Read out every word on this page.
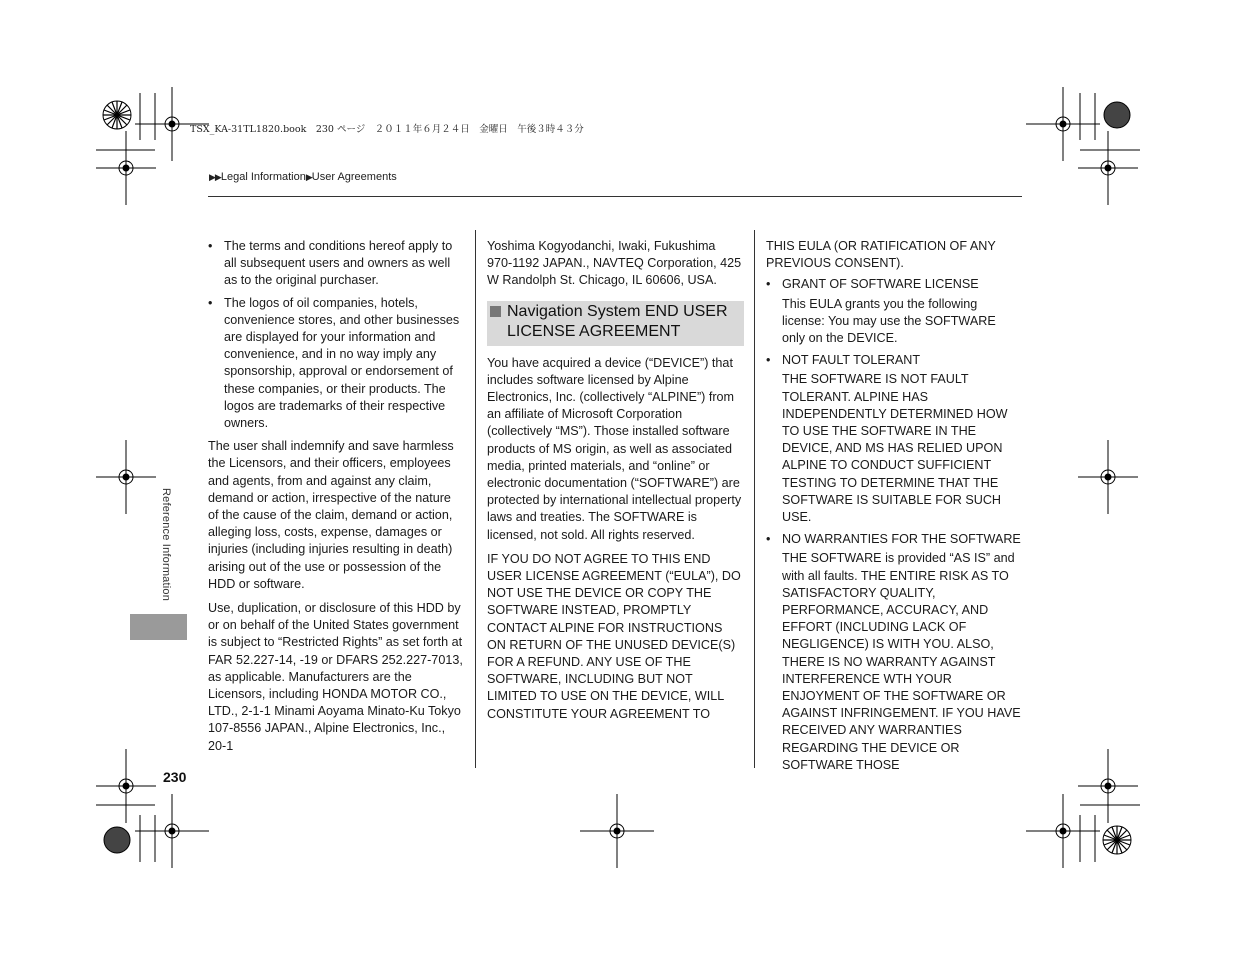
TSX_KA-31TL1820.book　230 ページ　２０１１年６月２４日　金曜日　午後３時４３分
▶▶Legal Information▶User Agreements
Reference Information
• The terms and conditions hereof apply to all subsequent users and owners as well as to the original purchaser.
• The logos of oil companies, hotels, convenience stores, and other businesses are displayed for your information and convenience, and in no way imply any sponsorship, approval or endorsement of these companies, or their products. The logos are trademarks of their respective owners.

The user shall indemnify and save harmless the Licensors, and their officers, employees and agents, from and against any claim, demand or action, irrespective of the nature of the cause of the claim, demand or action, alleging loss, costs, expense, damages or injuries (including injuries resulting in death) arising out of the use or possession of the HDD or software.

Use, duplication, or disclosure of this HDD by or on behalf of the United States government is subject to “Restricted Rights” as set forth at FAR 52.227-14, -19 or DFARS 252.227-7013, as applicable. Manufacturers are the Licensors, including HONDA MOTOR CO., LTD., 2-1-1 Minami Aoyama Minato-Ku Tokyo 107-8556 JAPAN., Alpine Electronics, Inc., 20-1

Yoshima Kogyodanchi, Iwaki, Fukushima 970-1192 JAPAN., NAVTEQ Corporation, 425 W Randolph St. Chicago, IL 60606, USA.

Navigation System END USER LICENSE AGREEMENT

You have acquired a device (“DEVICE”) that includes software licensed by Alpine Electronics, Inc. (collectively “ALPINE”) from an affiliate of Microsoft Corporation (collectively “MS”). Those installed software products of MS origin, as well as associated media, printed materials, and “online” or electronic documentation (“SOFTWARE”) are protected by international intellectual property laws and treaties. The SOFTWARE is licensed, not sold. All rights reserved.

IF YOU DO NOT AGREE TO THIS END USER LICENSE AGREEMENT (“EULA”), DO NOT USE THE DEVICE OR COPY THE SOFTWARE INSTEAD, PROMPTLY CONTACT ALPINE FOR INSTRUCTIONS ON RETURN OF THE UNUSED DEVICE(S) FOR A REFUND. ANY USE OF THE SOFTWARE, INCLUDING BUT NOT LIMITED TO USE ON THE DEVICE, WILL CONSTITUTE YOUR AGREEMENT TO

THIS EULA (OR RATIFICATION OF ANY PREVIOUS CONSENT).

• GRANT OF SOFTWARE LICENSE
This EULA grants you the following license: You may use the SOFTWARE only on the DEVICE.
• NOT FAULT TOLERANT
THE SOFTWARE IS NOT FAULT TOLERANT. ALPINE HAS INDEPENDENTLY DETERMINED HOW TO USE THE SOFTWARE IN THE DEVICE, AND MS HAS RELIED UPON ALPINE TO CONDUCT SUFFICIENT TESTING TO DETERMINE THAT THE SOFTWARE IS SUITABLE FOR SUCH USE.
• NO WARRANTIES FOR THE SOFTWARE
THE SOFTWARE is provided “AS IS” and with all faults. THE ENTIRE RISK AS TO SATISFACTORY QUALITY, PERFORMANCE, ACCURACY, AND EFFORT (INCLUDING LACK OF NEGLIGENCE) IS WITH YOU. ALSO, THERE IS NO WARRANTY AGAINST INTERFERENCE WTH YOUR ENJOYMENT OF THE SOFTWARE OR AGAINST INFRINGEMENT. IF YOU HAVE RECEIVED ANY WARRANTIES REGARDING THE DEVICE OR SOFTWARE THOSE
230
